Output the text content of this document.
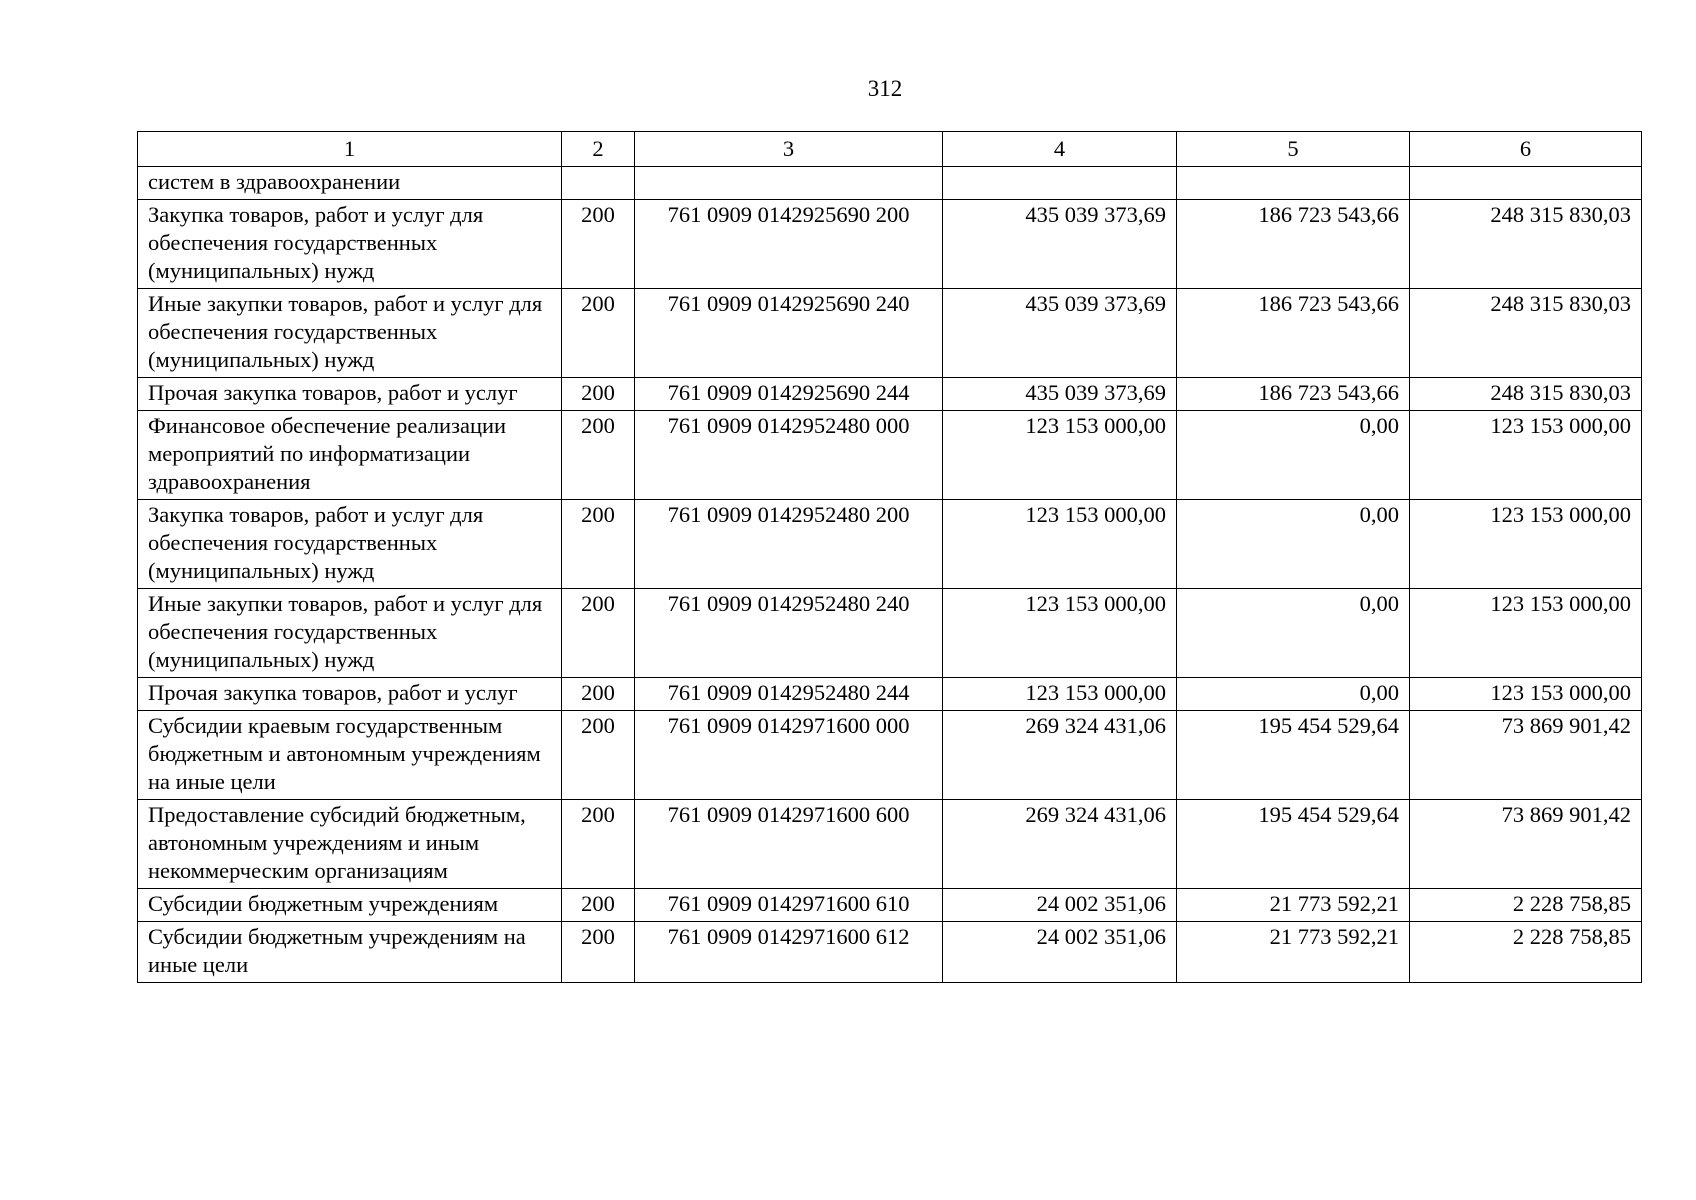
312
1	2	3	4	5	6
систем в здравоохранении					
Закупка товаров, работ и услуг для обеспечения государственных (муниципальных) нужд	200	761 0909 0142925690 200	435 039 373,69	186 723 543,66	248 315 830,03
Иные закупки товаров, работ и услуг для обеспечения государственных (муниципальных) нужд	200	761 0909 0142925690 240	435 039 373,69	186 723 543,66	248 315 830,03
Прочая закупка товаров, работ и услуг	200	761 0909 0142925690 244	435 039 373,69	186 723 543,66	248 315 830,03
Финансовое обеспечение реализации мероприятий по информатизации здравоохранения	200	761 0909 0142952480 000	123 153 000,00	0,00	123 153 000,00
Закупка товаров, работ и услуг для обеспечения государственных (муниципальных) нужд	200	761 0909 0142952480 200	123 153 000,00	0,00	123 153 000,00
Иные закупки товаров, работ и услуг для обеспечения государственных (муниципальных) нужд	200	761 0909 0142952480 240	123 153 000,00	0,00	123 153 000,00
Прочая закупка товаров, работ и услуг	200	761 0909 0142952480 244	123 153 000,00	0,00	123 153 000,00
Субсидии краевым государственным бюджетным и автономным учреждениям на иные цели	200	761 0909 0142971600 000	269 324 431,06	195 454 529,64	73 869 901,42
Предоставление субсидий бюджетным, автономным учреждениям и иным некоммерческим организациям	200	761 0909 0142971600 600	269 324 431,06	195 454 529,64	73 869 901,42
Субсидии бюджетным учреждениям	200	761 0909 0142971600 610	24 002 351,06	21 773 592,21	2 228 758,85
Субсидии бюджетным учреждениям на иные цели	200	761 0909 0142971600 612	24 002 351,06	21 773 592,21	2 228 758,85
